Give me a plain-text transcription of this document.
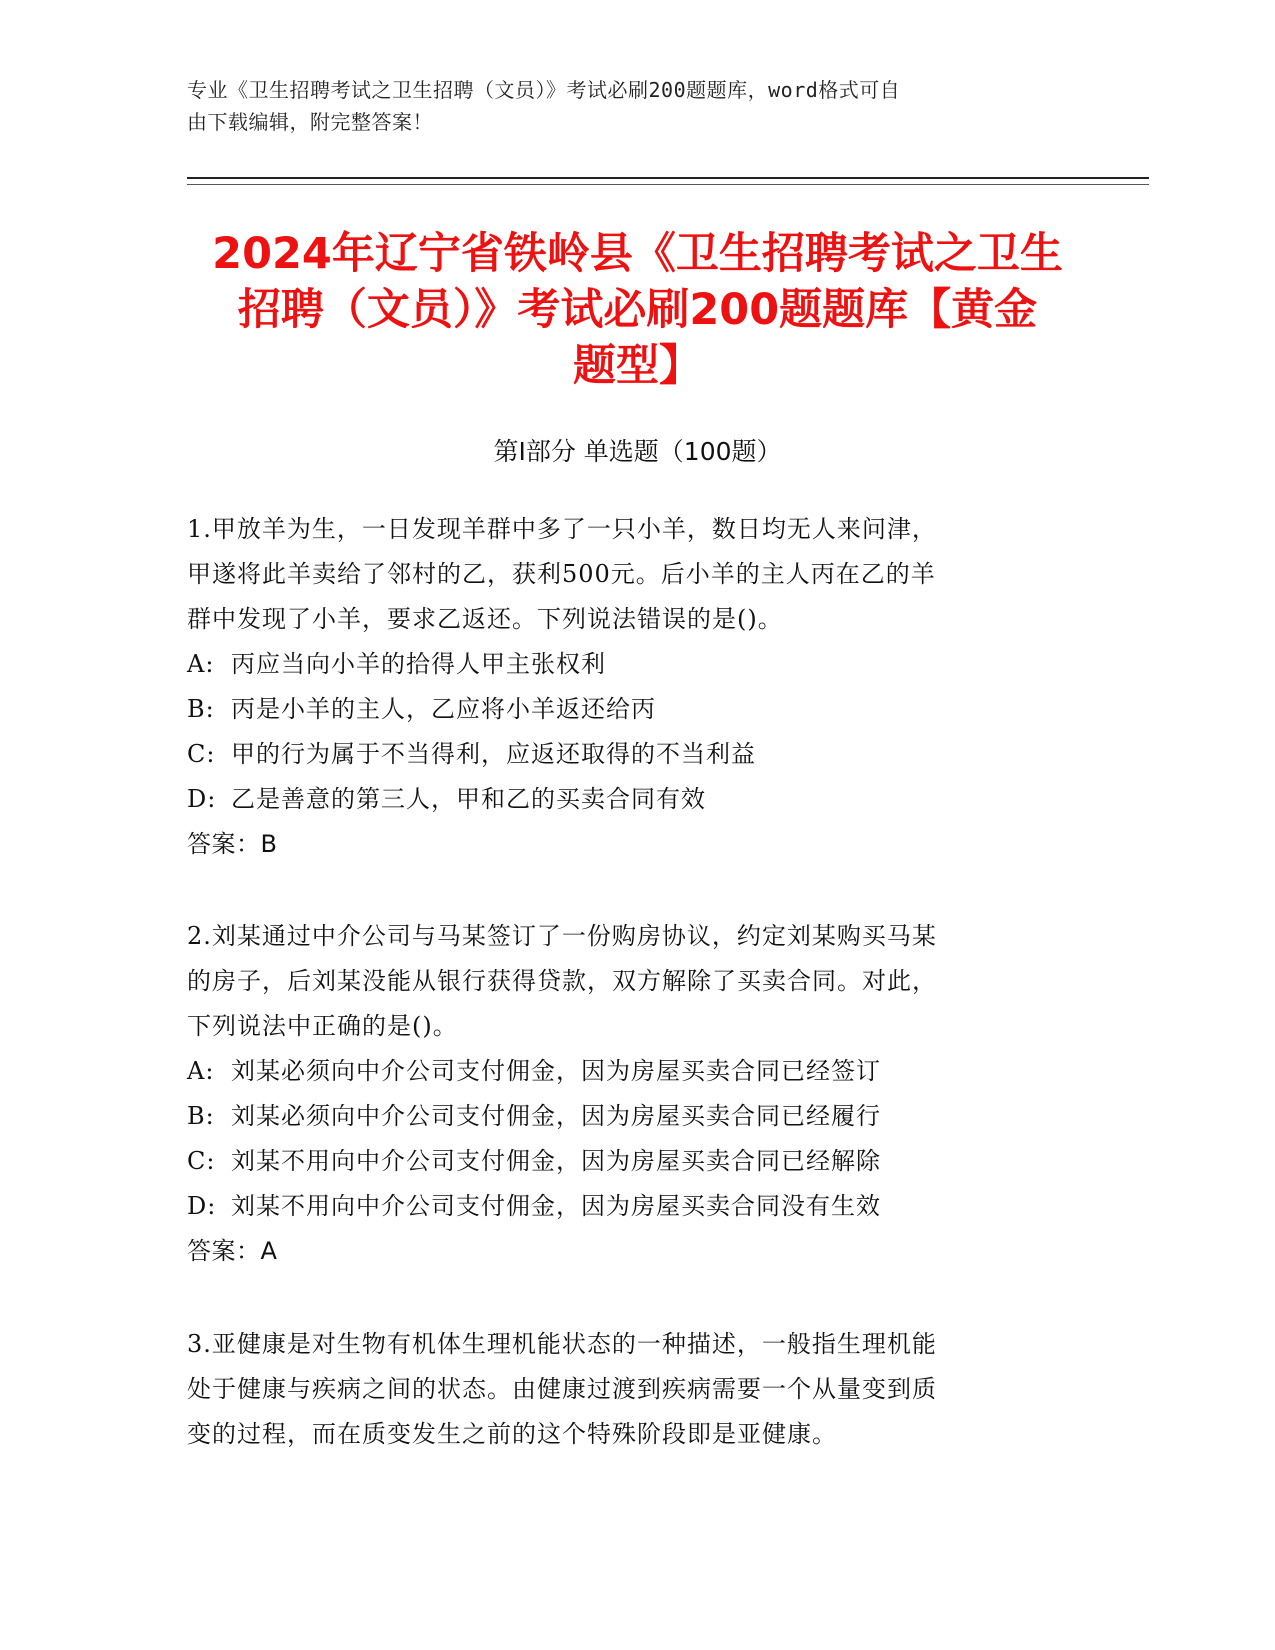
专业《卫生招聘考试之卫生招聘（文员）》考试必刷200题题库，word格式可自
由下载编辑，附完整答案！
2024年辽宁省铁岭县《卫生招聘考试之卫生
招聘（文员）》考试必刷200题题库【黄金
题型】
第Ⅰ部分 单选题（100题）
1.甲放羊为生，一日发现羊群中多了一只小羊，数日均无人来问津，
甲遂将此羊卖给了邻村的乙，获利500元。后小羊的主人丙在乙的羊
群中发现了小羊，要求乙返还。下列说法错误的是()。
A: 丙应当向小羊的拾得人甲主张权利
B: 丙是小羊的主人，乙应将小羊返还给丙
C: 甲的行为属于不当得利，应返还取得的不当利益
D: 乙是善意的第三人，甲和乙的买卖合同有效
答案：B
2.刘某通过中介公司与马某签订了一份购房协议，约定刘某购买马某
的房子，后刘某没能从银行获得贷款，双方解除了买卖合同。对此，
下列说法中正确的是()。
A: 刘某必须向中介公司支付佣金，因为房屋买卖合同已经签订
B: 刘某必须向中介公司支付佣金，因为房屋买卖合同已经履行
C: 刘某不用向中介公司支付佣金，因为房屋买卖合同已经解除
D: 刘某不用向中介公司支付佣金，因为房屋买卖合同没有生效
答案：A
3.亚健康是对生物有机体生理机能状态的一种描述，一般指生理机能
处于健康与疾病之间的状态。由健康过渡到疾病需要一个从量变到质
变的过程，而在质变发生之前的这个特殊阶段即是亚健康。
